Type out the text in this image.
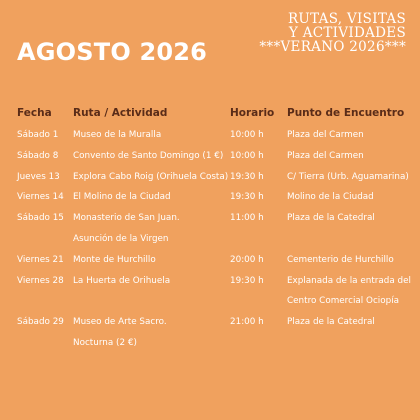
AGOSTO 2026
RUTAS, VISITAS
Y ACTIVIDADES
***VERANO 2026***
Fecha	Ruta / Actividad	Horario	Punto de Encuentro
Sábado 1	Museo de la Muralla	10:00 h	Plaza del Carmen
Sábado 8	Convento de Santo Domingo (1 €)	10:00 h	Plaza del Carmen
Jueves 13	Explora Cabo Roig (Orihuela Costa)	19:30 h	C/ Tierra (Urb. Aguamarina)
Viernes 14	El Molino de la Ciudad	19:30 h	Molino de la Ciudad
Sábado 15	Monasterio de San Juan.	11:00 h	Plaza de la Catedral
	Asunción de la Virgen		
Viernes 21	Monte de Hurchillo	20:00 h	Cementerio de Hurchillo
Viernes 28	La Huerta de Orihuela	19:30 h	Explanada de la entrada del
			Centro Comercial Ociopía
Sábado 29	Museo de Arte Sacro.	21:00 h	Plaza de la Catedral
	Nocturna (2 €)		
